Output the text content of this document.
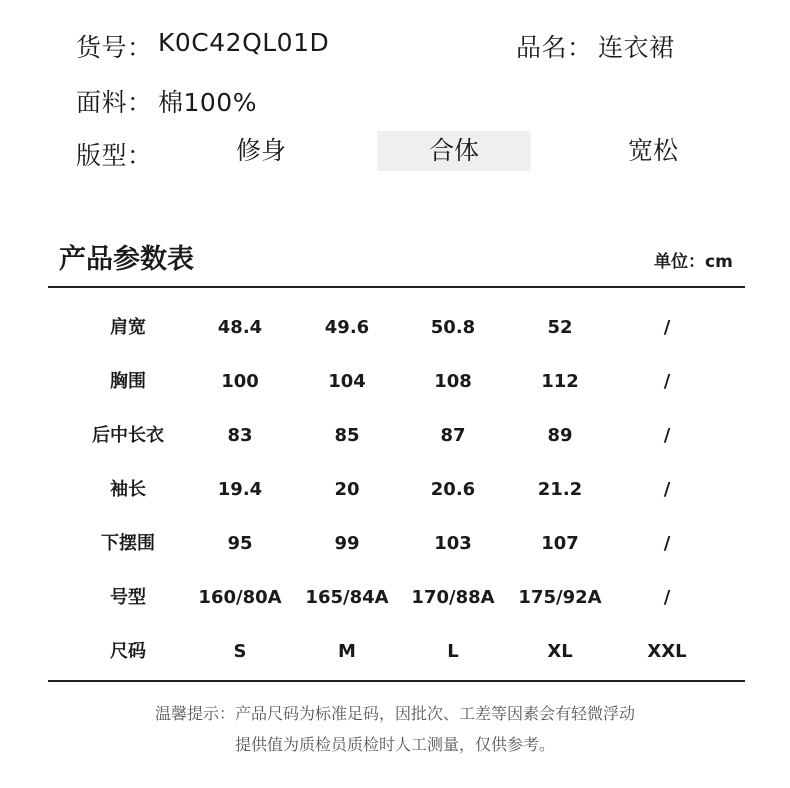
货号： K0C42QL01D	品名： 连衣裙
面料： 棉100%
版型：	修身	合体	宽松
产品参数表	单位：cm
肩宽	48.4	49.6	50.8	52	/
胸围	100	104	108	112	/
后中长衣	83	85	87	89	/
袖长	19.4	20	20.6	21.2	/
下摆围	95	99	103	107	/
号型	160/80A	165/84A	170/88A	175/92A	/
尺码	S	M	L	XL	XXL
温馨提示：产品尺码为标准足码，因批次、工差等因素会有轻微浮动
提供值为质检员质检时人工测量，仅供参考。
